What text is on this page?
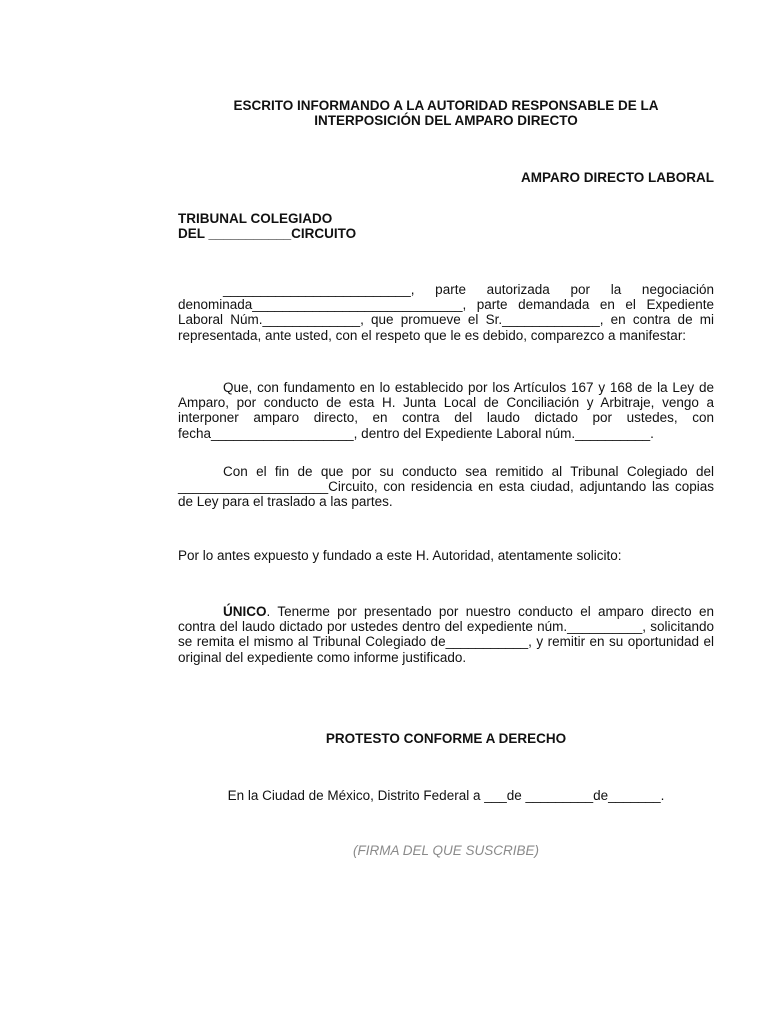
ESCRITO INFORMANDO A LA AUTORIDAD RESPONSABLE DE LA
INTERPOSICIÓN DEL AMPARO DIRECTO
AMPARO DIRECTO LABORAL
TRIBUNAL COLEGIADO
DEL ___________CIRCUITO

_________________________, parte autorizada por la negociación denominada____________________________, parte demandada en el Expediente Laboral Núm._____________, que promueve el Sr._____________, en contra de mi representada, ante usted, con el respeto que le es debido, comparezco a manifestar:

Que, con fundamento en lo establecido por los Artículos 167 y 168 de la Ley de Amparo, por conducto de esta H. Junta Local de Conciliación y Arbitraje, vengo a interponer amparo directo, en contra del laudo dictado por ustedes, con fecha___________________, dentro del Expediente Laboral núm.__________.

Con el fin de que por su conducto sea remitido al Tribunal Colegiado del ____________________Circuito, con residencia en esta ciudad, adjuntando las copias de Ley para el traslado a las partes.

Por lo antes expuesto y fundado a este H. Autoridad, atentamente solicito:

ÚNICO. Tenerme por presentado por nuestro conducto el amparo directo en contra del laudo dictado por ustedes dentro del expediente núm.__________, solicitando se remita el mismo al Tribunal Colegiado de___________, y remitir en su oportunidad el original del expediente como informe justificado.

PROTESTO CONFORME A DERECHO
En la Ciudad de México, Distrito Federal a ___de _________de_______.
(FIRMA DEL QUE SUSCRIBE)
